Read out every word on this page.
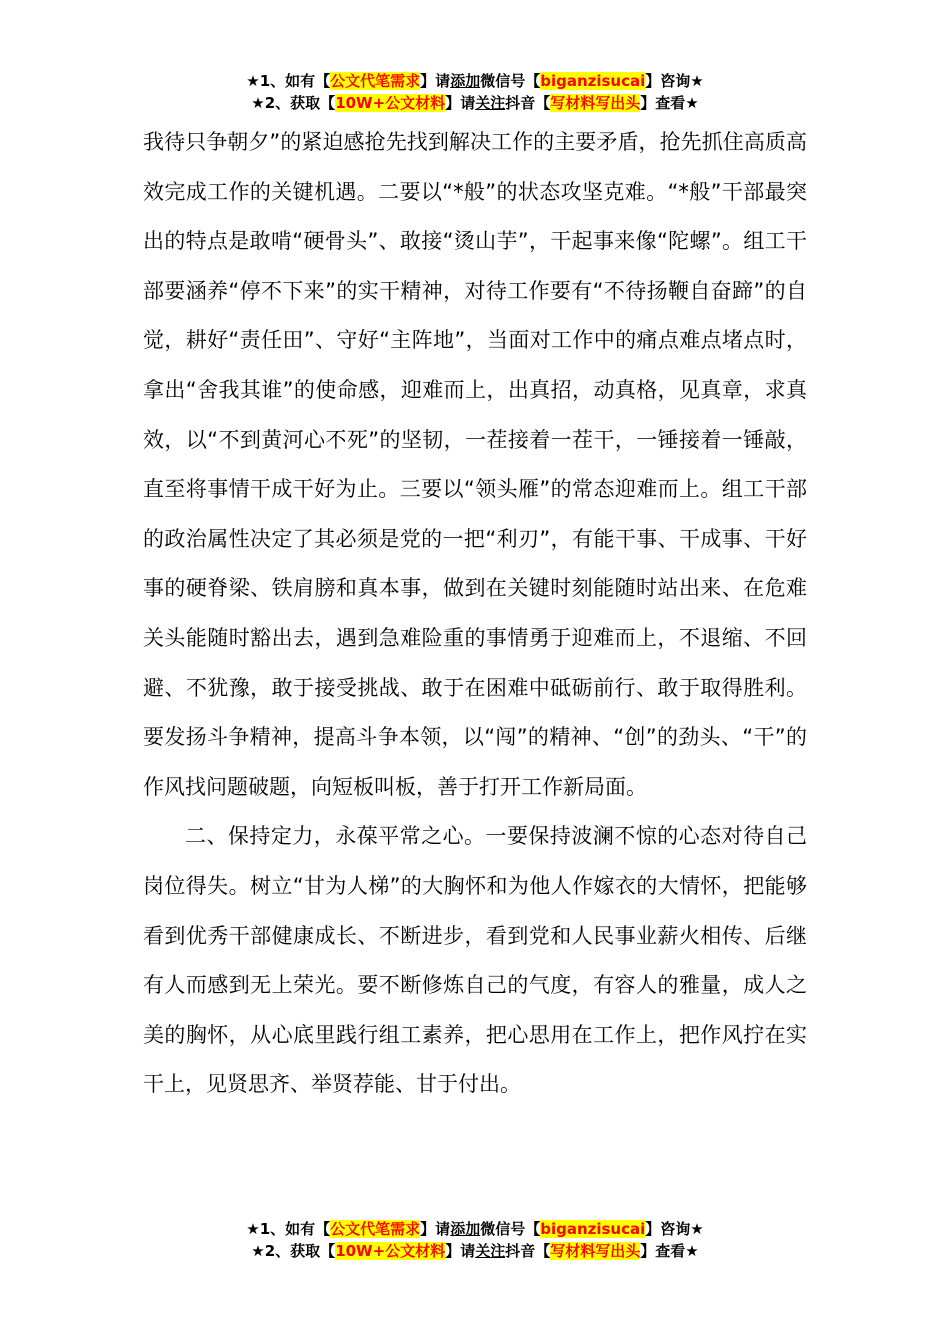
★1、如有【公文代笔需求】请添加微信号【biganzisucai】咨询★
★2、获取【10W+公文材料】请关注抖音【写材料写出头】查看★

我待只争朝夕”的紧迫感抢先找到解决工作的主要矛盾，抢先抓住高质高效完成工作的关键机遇。二要以“*般”的状态攻坚克难。“*般”干部最突出的特点是敢啃“硬骨头”、敢接“烫山芋”，干起事来像“陀螺”。组工干部要涵养“停不下来”的实干精神，对待工作要有“不待扬鞭自奋蹄”的自觉，耕好“责任田”、守好“主阵地”，当面对工作中的痛点难点堵点时，拿出“舍我其谁”的使命感，迎难而上，出真招，动真格，见真章，求真效，以“不到黄河心不死”的坚韧，一茬接着一茬干，一锤接着一锤敲，直至将事情干成干好为止。三要以“领头雁”的常态迎难而上。组工干部的政治属性决定了其必须是党的一把“利刃”，有能干事、干成事、干好事的硬脊梁、铁肩膀和真本事，做到在关键时刻能随时站出来、在危难关头能随时豁出去，遇到急难险重的事情勇于迎难而上，不退缩、不回避、不犹豫，敢于接受挑战、敢于在困难中砥砺前行、敢于取得胜利。要发扬斗争精神，提高斗争本领，以“闯”的精神、“创”的劲头、“干”的作风找问题破题，向短板叫板，善于打开工作新局面。

二、保持定力，永葆平常之心。一要保持波澜不惊的心态对待自己岗位得失。树立“甘为人梯”的大胸怀和为他人作嫁衣的大情怀，把能够看到优秀干部健康成长、不断进步，看到党和人民事业薪火相传、后继有人而感到无上荣光。要不断修炼自己的气度，有容人的雅量，成人之美的胸怀，从心底里践行组工素养，把心思用在工作上，把作风拧在实干上，见贤思齐、举贤荐能、甘于付出。

★1、如有【公文代笔需求】请添加微信号【biganzisucai】咨询★
★2、获取【10W+公文材料】请关注抖音【写材料写出头】查看★
